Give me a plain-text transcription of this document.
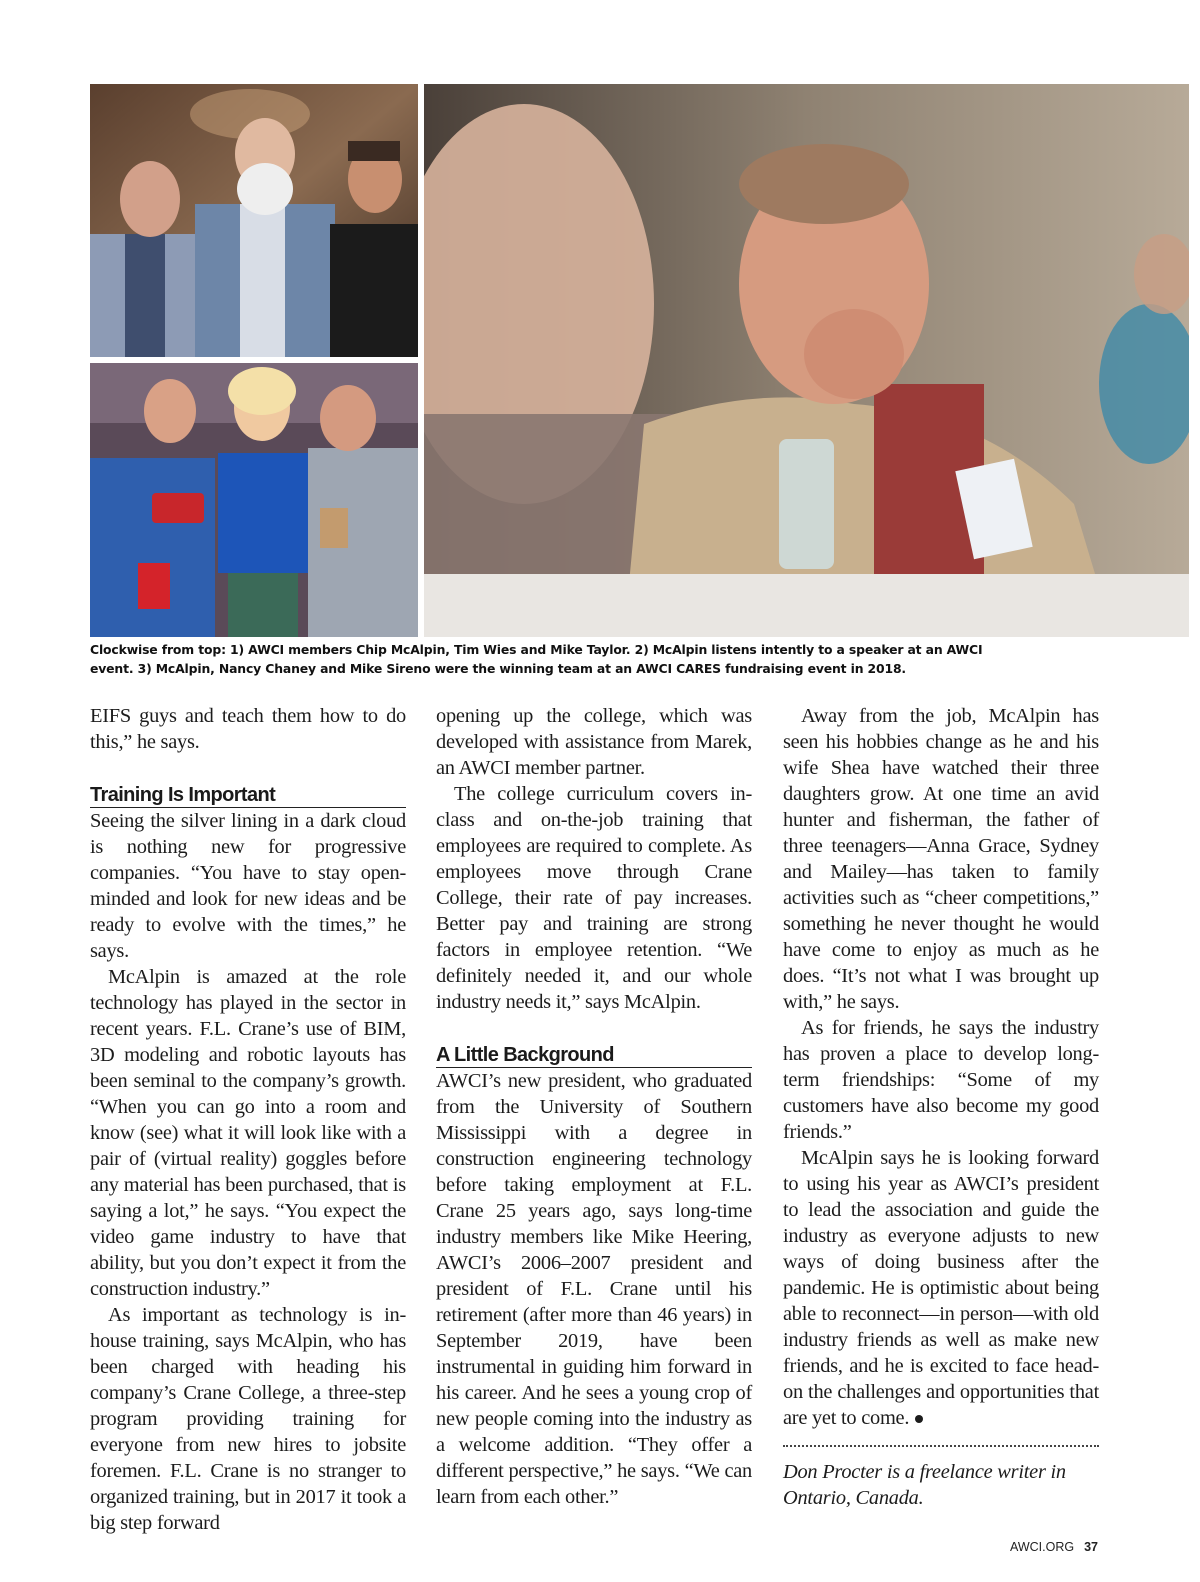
Clockwise from top: 1) AWCI members Chip McAlpin, Tim Wies and Mike Taylor. 2) McAlpin listens intently to a speaker at an AWCI event. 3) McAlpin, Nancy Chaney and Mike Sireno were the winning team at an AWCI CARES fundraising event in 2018.

EIFS guys and teach them how to do this,” he says.

Training Is Important

Seeing the silver lining in a dark cloud is nothing new for progressive companies. “You have to stay open-minded and look for new ideas and be ready to evolve with the times,” he says.

McAlpin is amazed at the role technology has played in the sector in recent years. F.L. Crane’s use of BIM, 3D modeling and robotic layouts has been seminal to the company’s growth. “When you can go into a room and know (see) what it will look like with a pair of (virtual reality) goggles before any material has been purchased, that is saying a lot,” he says. “You expect the video game industry to have that ability, but you don’t expect it from the construction industry.”

As important as technology is in-house training, says McAlpin, who has been charged with heading his company’s Crane College, a three-step program providing training for everyone from new hires to jobsite foremen. F.L. Crane is no stranger to organized training, but in 2017 it took a big step forward

opening up the college, which was developed with assistance from Marek, an AWCI member partner.

The college curriculum covers in-class and on-the-job training that employees are required to complete. As employees move through Crane College, their rate of pay increases. Better pay and training are strong factors in employee retention. “We definitely needed it, and our whole industry needs it,” says McAlpin.

A Little Background

AWCI’s new president, who graduated from the University of Southern Mississippi with a degree in construction engineering technology before taking employment at F.L. Crane 25 years ago, says long-time industry members like Mike Heering, AWCI’s 2006–2007 president and president of F.L. Crane until his retirement (after more than 46 years) in September 2019, have been instrumental in guiding him forward in his career. And he sees a young crop of new people coming into the industry as a welcome addition. “They offer a different perspective,” he says. “We can learn from each other.”

Away from the job, McAlpin has seen his hobbies change as he and his wife Shea have watched their three daughters grow. At one time an avid hunter and fisherman, the father of three teenagers—Anna Grace, Sydney and Mailey—has taken to family activities such as “cheer competitions,” something he never thought he would have come to enjoy as much as he does. “It’s not what I was brought up with,” he says.

As for friends, he says the industry has proven a place to develop long-term friendships: “Some of my customers have also become my good friends.”

McAlpin says he is looking forward to using his year as AWCI’s president to lead the association and guide the industry as everyone adjusts to new ways of doing business after the pandemic. He is optimistic about being able to reconnect—in person—with old industry friends as well as make new friends, and he is excited to face head-on the challenges and opportunities that are yet to come.

Don Procter is a freelance writer in Ontario, Canada.

AWCI.ORG 37
